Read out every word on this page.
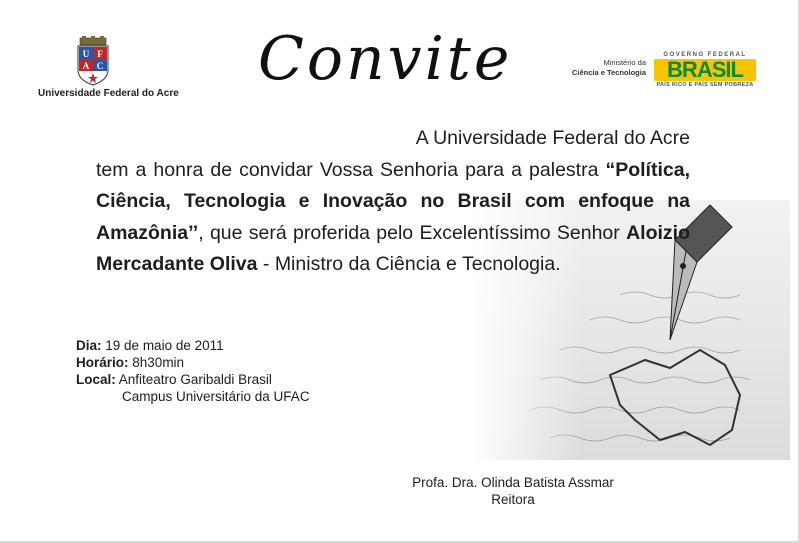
U F
A C
Universidade Federal do Acre Convite	Ministério da
Ciência e Tecnologia
GOVERNO FEDERAL
BRASIL
PAÍS RICO É PAÍS SEM POBREZA
A Universidade Federal do Acre
tem a honra de convidar Vossa Senhoria para a palestra “Política, Ciência, Tecnologia e Inovação no Brasil com enfoque na Amazônia’’, que será proferida pelo Excelentíssimo Senhor Aloizio Mercadante Oliva - Ministro da Ciência e Tecnologia.
Dia: 19 de maio de 2011
Horário: 8h30min
Local: Anfiteatro Garibaldi Brasil
Campus Universitário da UFAC
Profa. Dra. Olinda Batista Assmar
Reitora
